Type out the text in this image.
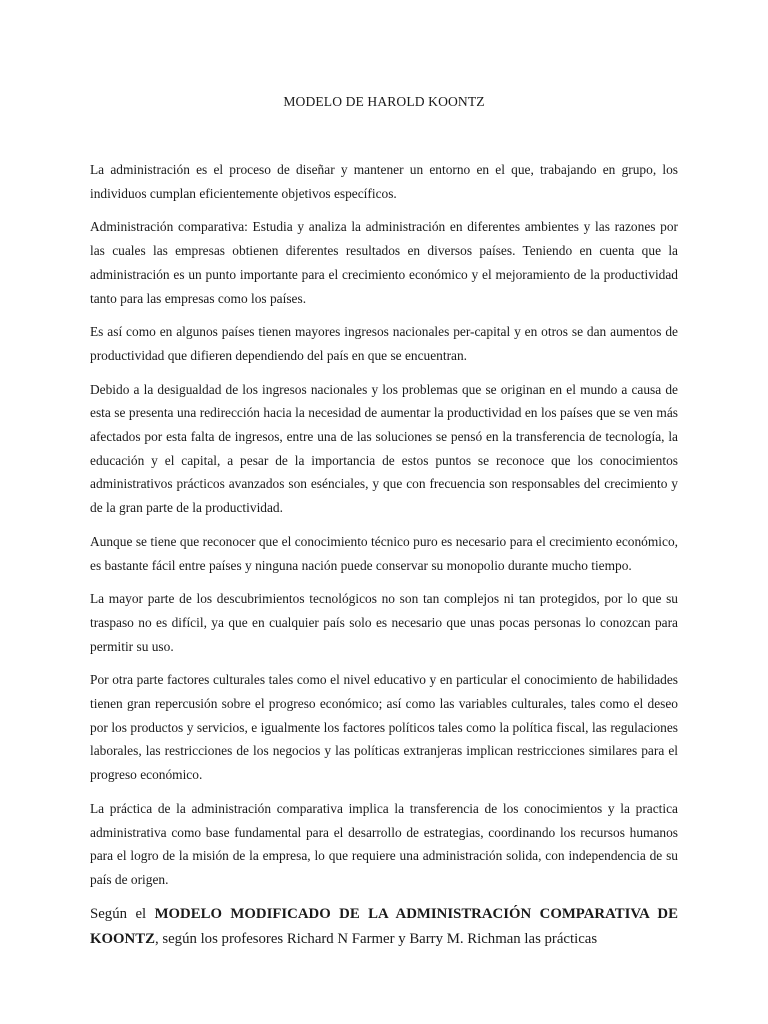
MODELO DE HAROLD KOONTZ

La administración es el proceso de diseñar y mantener un entorno en el que, trabajando en grupo, los individuos cumplan eficientemente objetivos específicos.

Administración comparativa: Estudia y analiza la administración en diferentes ambientes y las razones por las cuales las empresas obtienen diferentes resultados en diversos países. Teniendo en cuenta que la administración es un punto importante para el crecimiento económico y el mejoramiento de la productividad tanto para las empresas como los países.

Es así como en algunos países tienen mayores ingresos nacionales per-capital y en otros se dan aumentos de productividad que difieren dependiendo del país en que se encuentran.

Debido a la desigualdad de los ingresos nacionales y los problemas que se originan en el mundo a causa de esta se presenta una redirección hacia la necesidad de aumentar la productividad en los países que se ven más afectados por esta falta de ingresos, entre una de las soluciones se pensó en la transferencia de tecnología, la educación y el capital, a pesar de la importancia de estos puntos se reconoce que los conocimientos administrativos prácticos avanzados son esénciales, y que con frecuencia son responsables del crecimiento y de la gran parte de la productividad.

Aunque se tiene que reconocer que el conocimiento técnico puro es necesario para el crecimiento económico, es bastante fácil entre países y ninguna nación puede conservar su monopolio durante mucho tiempo.

La mayor parte de los descubrimientos tecnológicos no son tan complejos ni tan protegidos, por lo que su traspaso no es difícil, ya que en cualquier país solo es necesario que unas pocas personas lo conozcan para permitir su uso.

Por otra parte factores culturales tales como el nivel educativo y en particular el conocimiento de habilidades tienen gran repercusión sobre el progreso económico; así como las variables culturales, tales como el deseo por los productos y servicios, e igualmente los factores políticos tales como la política fiscal, las regulaciones laborales, las restricciones de los negocios y las políticas extranjeras implican restricciones similares para el progreso económico.

La práctica de la administración comparativa implica la transferencia de los conocimientos y la practica administrativa como base fundamental para el desarrollo de estrategias, coordinando los recursos humanos para el logro de la misión de la empresa, lo que requiere una administración solida, con independencia de su país de origen.

Según el MODELO MODIFICADO DE LA ADMINISTRACIÓN COMPARATIVA DE KOONTZ, según los profesores Richard N Farmer y Barry M. Richman las prácticas
